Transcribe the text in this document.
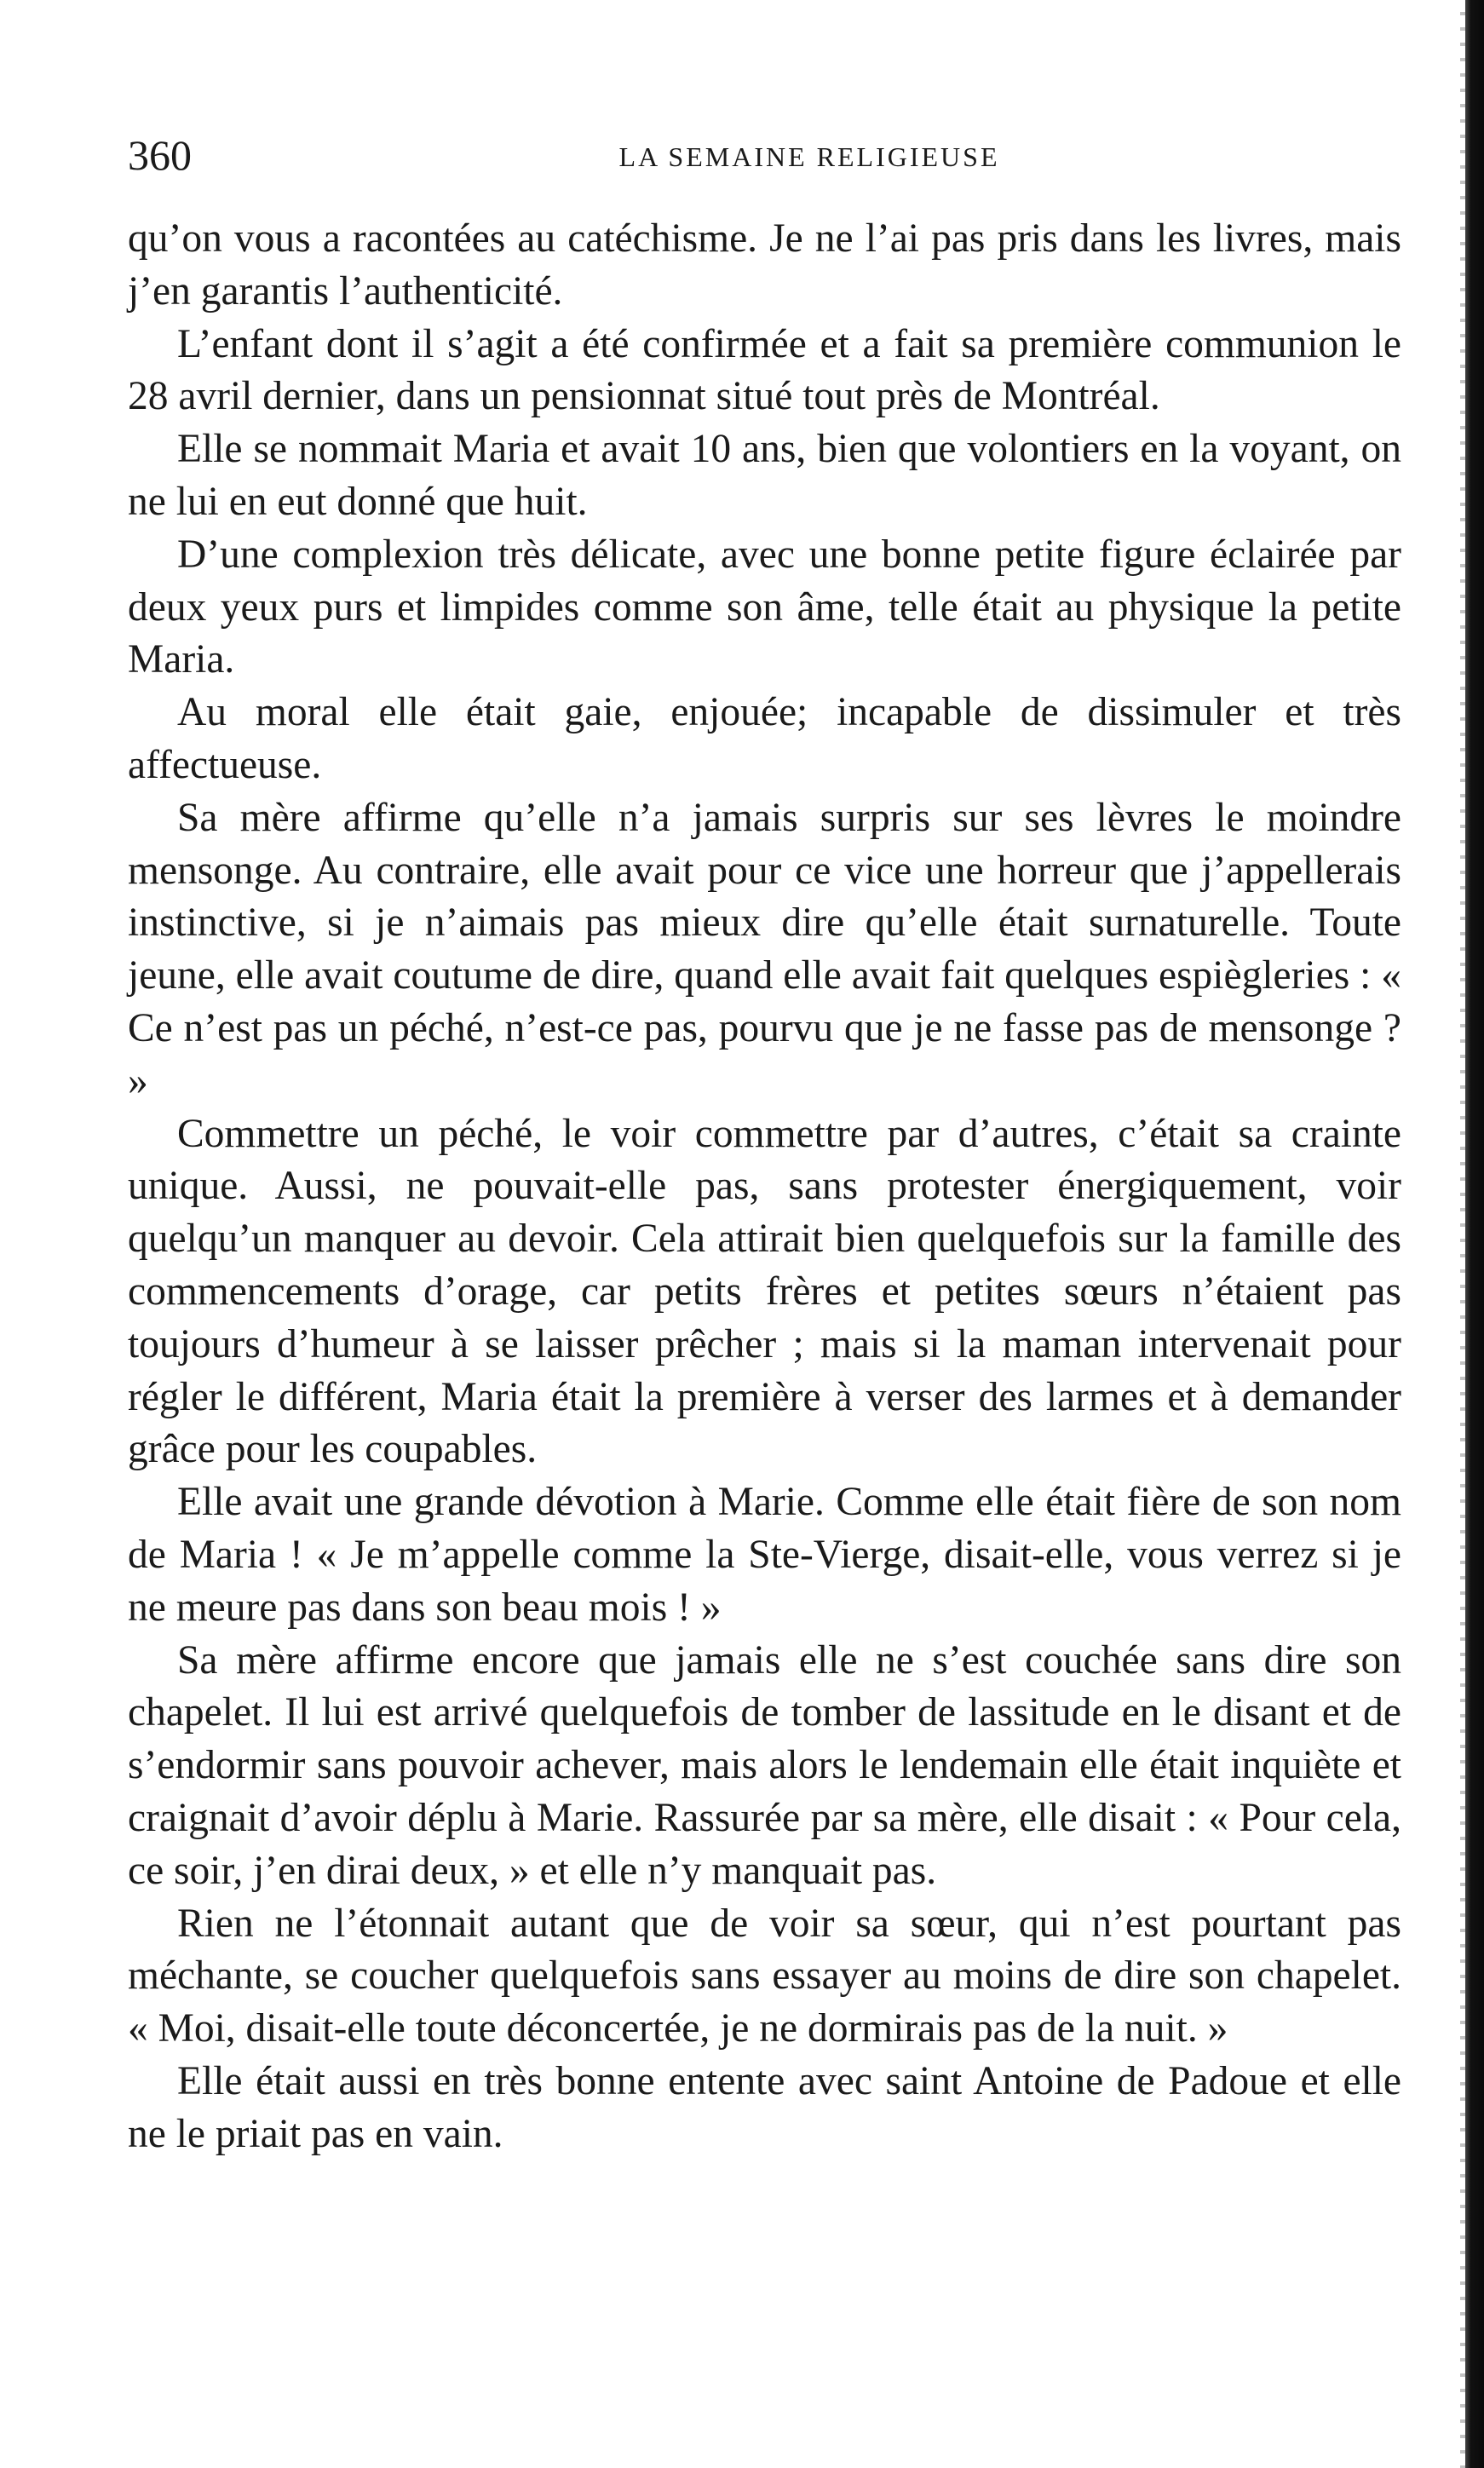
360	LA SEMAINE RELIGIEUSE

qu’on vous a racontées au catéchisme. Je ne l’ai pas pris dans les livres, mais j’en garantis l’authenticité.

L’enfant dont il s’agit a été confirmée et a fait sa première communion le 28 avril dernier, dans un pensionnat situé tout près de Montréal.

Elle se nommait Maria et avait 10 ans, bien que volontiers en la voyant, on ne lui en eut donné que huit.

D’une complexion très délicate, avec une bonne petite figure éclairée par deux yeux purs et limpides comme son âme, telle était au physique la petite Maria.

Au moral elle était gaie, enjouée; incapable de dissimuler et très affectueuse.

Sa mère affirme qu’elle n’a jamais surpris sur ses lèvres le moindre mensonge. Au contraire, elle avait pour ce vice une horreur que j’appellerais instinctive, si je n’aimais pas mieux dire qu’elle était surnaturelle. Toute jeune, elle avait coutume de dire, quand elle avait fait quelques espiègleries : « Ce n’est pas un péché, n’est-ce pas, pourvu que je ne fasse pas de mensonge ? »

Commettre un péché, le voir commettre par d’autres, c’était sa crainte unique. Aussi, ne pouvait-elle pas, sans protester énergiquement, voir quelqu’un manquer au devoir. Cela attirait bien quelquefois sur la famille des commencements d’orage, car petits frères et petites sœurs n’étaient pas toujours d’humeur à se laisser prêcher ; mais si la maman intervenait pour régler le différent, Maria était la première à verser des larmes et à demander grâce pour les coupables.

Elle avait une grande dévotion à Marie. Comme elle était fière de son nom de Maria ! « Je m’appelle comme la Ste-Vierge, disait-elle, vous verrez si je ne meure pas dans son beau mois ! »

Sa mère affirme encore que jamais elle ne s’est couchée sans dire son chapelet. Il lui est arrivé quelquefois de tomber de lassitude en le disant et de s’endormir sans pouvoir achever, mais alors le lendemain elle était inquiète et craignait d’avoir déplu à Marie. Rassurée par sa mère, elle disait : « Pour cela, ce soir, j’en dirai deux, » et elle n’y manquait pas.

Rien ne l’étonnait autant que de voir sa sœur, qui n’est pourtant pas méchante, se coucher quelquefois sans essayer au moins de dire son chapelet. « Moi, disait-elle toute déconcertée, je ne dormirais pas de la nuit. »

Elle était aussi en très bonne entente avec saint Antoine de Padoue et elle ne le priait pas en vain.
